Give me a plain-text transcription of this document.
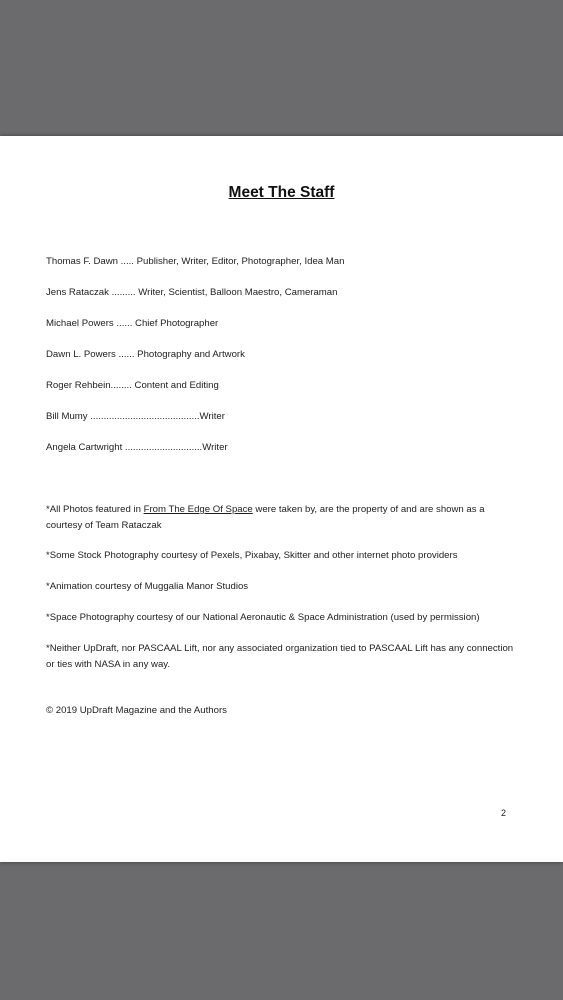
Meet The Staff
Thomas F. Dawn ..... Publisher, Writer, Editor, Photographer, Idea Man
Jens Rataczak ......... Writer, Scientist, Balloon Maestro, Cameraman
Michael Powers ...... Chief Photographer
Dawn L. Powers ...... Photography and Artwork
Roger Rehbein........ Content and Editing
Bill Mumy .........................................Writer
Angela Cartwright .............................Writer
*All Photos featured in From The Edge Of Space were taken by, are the property of and are shown as a courtesy of Team Rataczak
*Some Stock Photography courtesy of Pexels, Pixabay, Skitter and other internet photo providers
*Animation courtesy of Muggalia Manor Studios
*Space Photography courtesy of our National Aeronautic & Space Administration (used by permission)
*Neither UpDraft, nor PASCAAL Lift, nor any associated organization tied to PASCAAL Lift has any connection or ties with NASA in any way.
© 2019 UpDraft Magazine and the Authors
2
